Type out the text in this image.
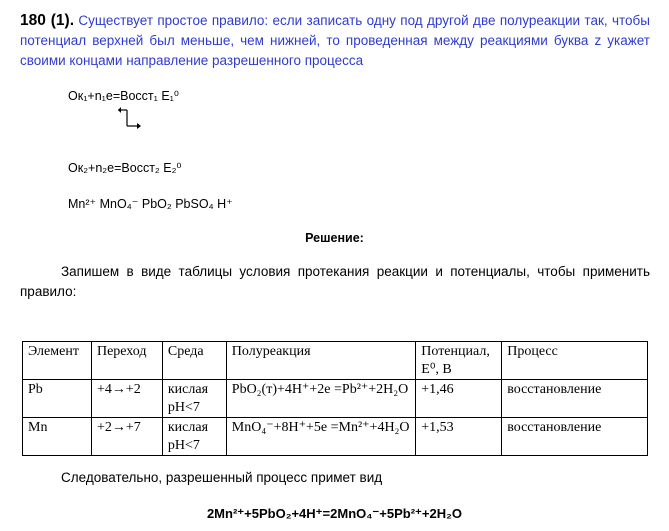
180 (1). Существует простое правило: если записать одну под другой две полуреакции так, чтобы потенциал верхней был меньше, чем нижней, то проведенная между реакциями буква z укажет своими концами направление разрешенного процесса
Ок₁+n₁e=Восст₁ E₁⁰
Ок₂+n₂e=Восст₂ E₂⁰
Mn²⁺ MnO₄⁻ PbO₂ PbSO₄ H⁺
Решение:
Запишем в виде таблицы условия протекания реакции и потенциалы, чтобы применить правило:
Элемент	Переход	Среда	Полуреакция	Потенциал, E⁰, В	Процесс
Pb	+4→+2	кислая pH<7	PbO₂(т)+4H⁺+2e =Pb²⁺+2H₂O	+1,46	восстановление
Mn	+2→+7	кислая pH<7	MnO₄⁻+8H⁺+5e =Mn²⁺+4H₂O	+1,53	восстановление
Следовательно, разрешенный процесс примет вид
2Mn²⁺+5PbO₂+4H⁺=2MnO₄⁻+5Pb²⁺+2H₂O
